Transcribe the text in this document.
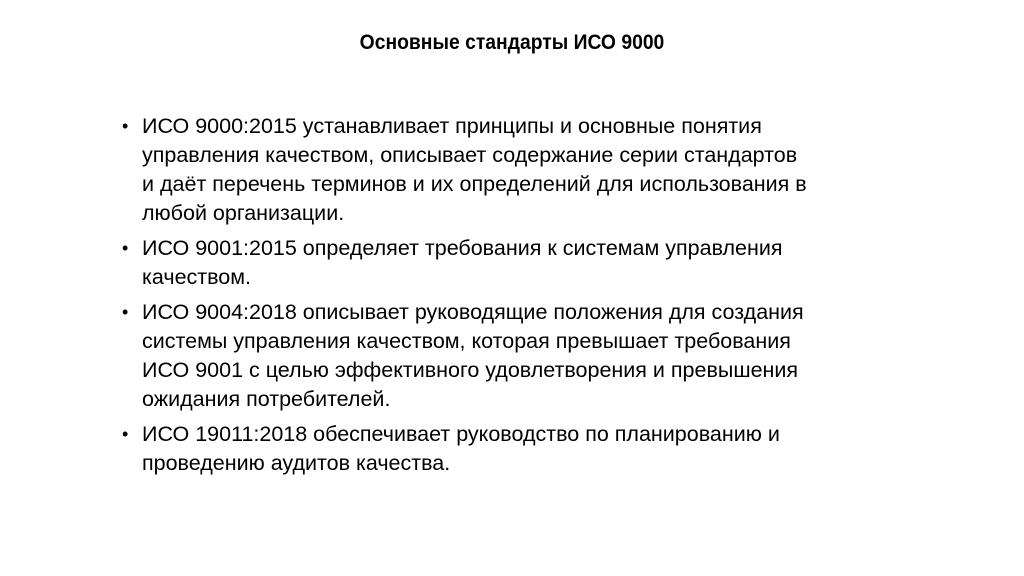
Основные стандарты ИСО 9000
• ИСО 9000:2015 устанавливает принципы и основные понятия
управления качеством, описывает содержание серии стандартов
и даёт перечень терминов и их определений для использования в
любой организации.
• ИСО 9001:2015 определяет требования к системам управления
качеством.
• ИСО 9004:2018 описывает руководящие положения для создания
системы управления качеством, которая превышает требования
ИСО 9001 с целью эффективного удовлетворения и превышения
ожидания потребителей.
• ИСО 19011:2018 обеспечивает руководство по планированию и
проведению аудитов качества.
